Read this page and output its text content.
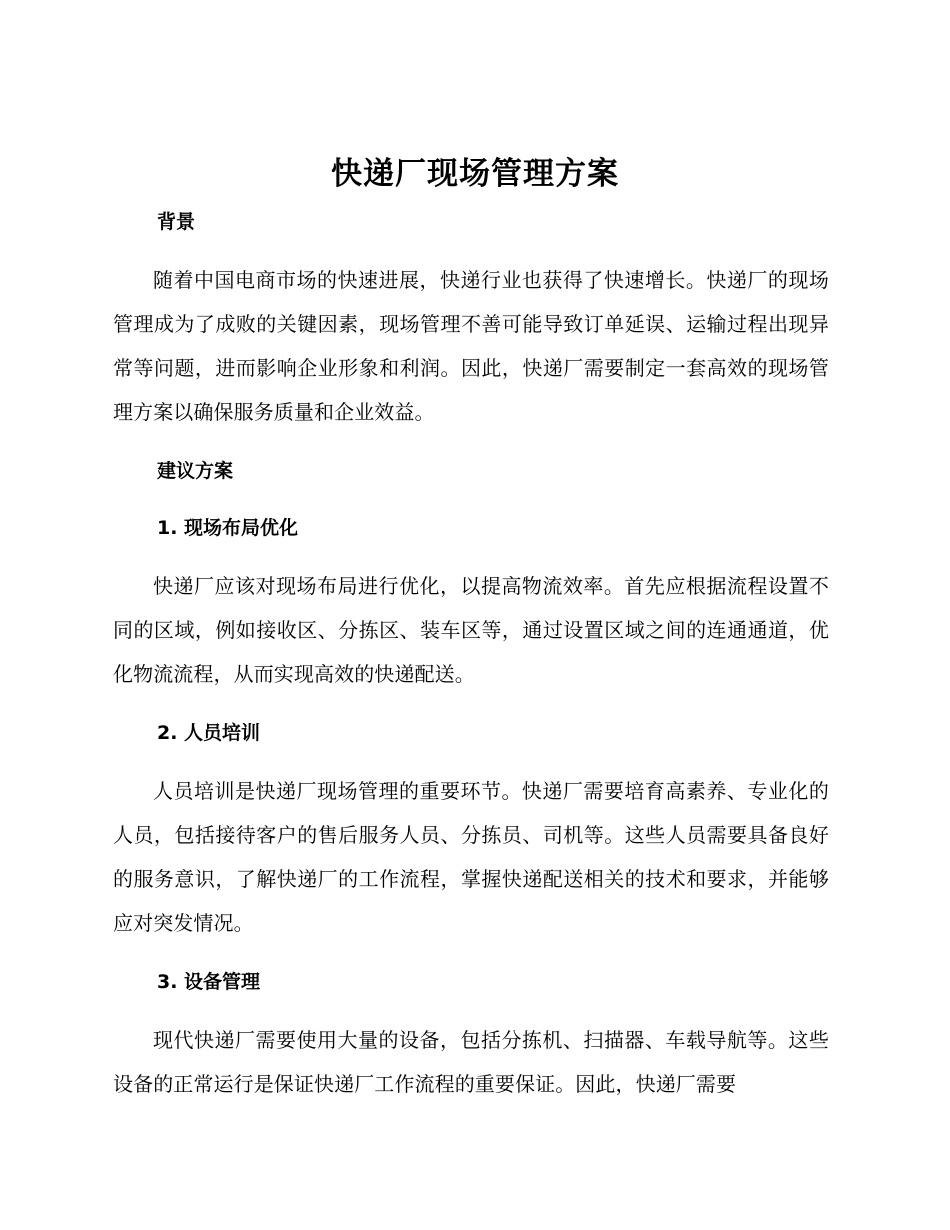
快递厂现场管理方案
背景
随着中国电商市场的快速进展，快递行业也获得了快速增长。快递厂的现场管理成为了成败的关键因素，现场管理不善可能导致订单延误、运输过程出现异常等问题，进而影响企业形象和利润。因此，快递厂需要制定一套高效的现场管理方案以确保服务质量和企业效益。
建议方案
1. 现场布局优化
快递厂应该对现场布局进行优化，以提高物流效率。首先应根据流程设置不同的区域，例如接收区、分拣区、装车区等，通过设置区域之间的连通通道，优化物流流程，从而实现高效的快递配送。
2. 人员培训
人员培训是快递厂现场管理的重要环节。快递厂需要培育高素养、专业化的人员，包括接待客户的售后服务人员、分拣员、司机等。这些人员需要具备良好的服务意识，了解快递厂的工作流程，掌握快递配送相关的技术和要求，并能够应对突发情况。
3. 设备管理
现代快递厂需要使用大量的设备，包括分拣机、扫描器、车载导航等。这些设备的正常运行是保证快递厂工作流程的重要保证。因此，快递厂需要
